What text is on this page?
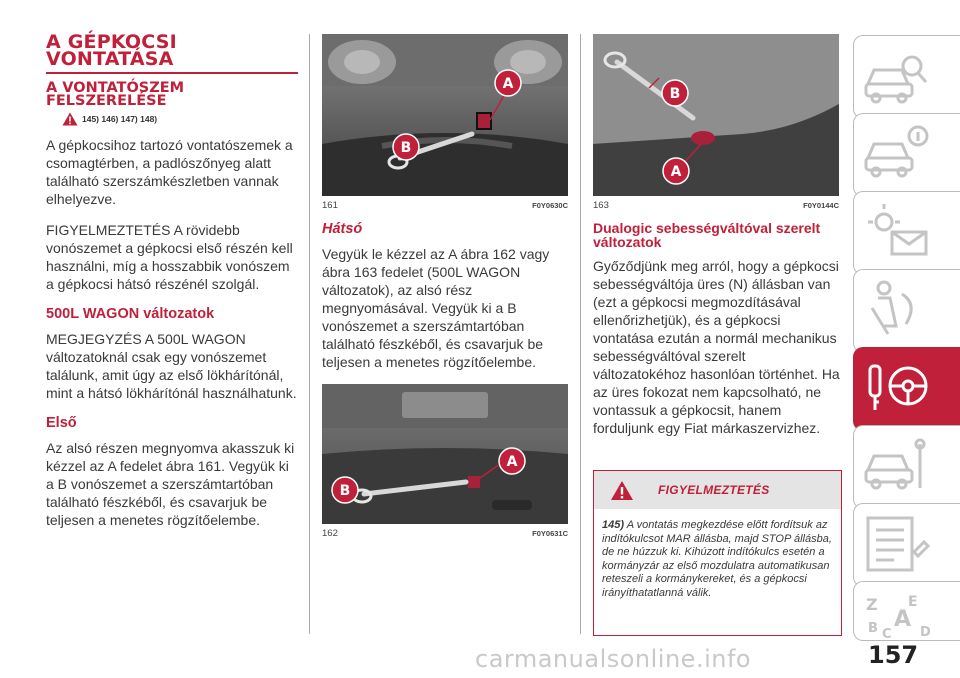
A GÉPKOCSI
VONTATÁSA
A VONTATÓSZEM
FELSZERELÉSE
145) 146) 147) 148)

A gépkocsihoz tartozó vontatószemek a csomagtérben, a padlószőnyeg alatt található szerszámkészletben vannak elhelyezve.

FIGYELMEZTETÉS A rövidebb vonószemet a gépkocsi első részén kell használni, míg a hosszabbik vonószem a gépkocsi hátsó részénél szolgál.

500L WAGON változatok

MEGJEGYZÉS A 500L WAGON változatoknál csak egy vonószemet találunk, amit úgy az első lökhárítónál, mint a hátsó lökhárítónál használhatunk.

Első

Az alsó részen megnyomva akasszuk ki kézzel az A fedelet ábra 161. Vegyük ki a B vonószemet a szerszámtartóban található fészkéből, és csavarjuk be teljesen a menetes rögzítőelembe.

A
B
161	F0Y0630C
Hátsó

Vegyük le kézzel az A ábra 162 vagy ábra 163 fedelet (500L WAGON változatok), az alsó rész megnyomásával. Vegyük ki a B vonószemet a szerszámtartóban található fészkéből, és csavarjuk be teljesen a menetes rögzítőelembe.

A
B
162	F0Y0631C
B
A
163	F0Y0144C
Dualogic sebességváltóval szerelt változatok

Győződjünk meg arról, hogy a gépkocsi sebességváltója üres (N) állásban van (ezt a gépkocsi megmozdításával ellenőrizhetjük), és a gépkocsi vontatása ezután a normál mechanikus sebességváltóval szerelt változatokéhoz hasonlóan történhet. Ha az üres fokozat nem kapcsolható, ne vontassuk a gépkocsit, hanem forduljunk egy Fiat márkaszervizhez.

FIGYELMEZTETÉS
145) A vontatás megkezdése előtt fordítsuk az indítókulcsot MAR állásba, majd STOP állásba, de ne húzzuk ki. Kihúzott indítókulcs esetén a kormányzár az első mozdulatra automatikusan reteszeli a kormánykereket, és a gépkocsi irányíthatatlanná válik.
Z E
A
B	D
C
157
carmanualsonline.info
